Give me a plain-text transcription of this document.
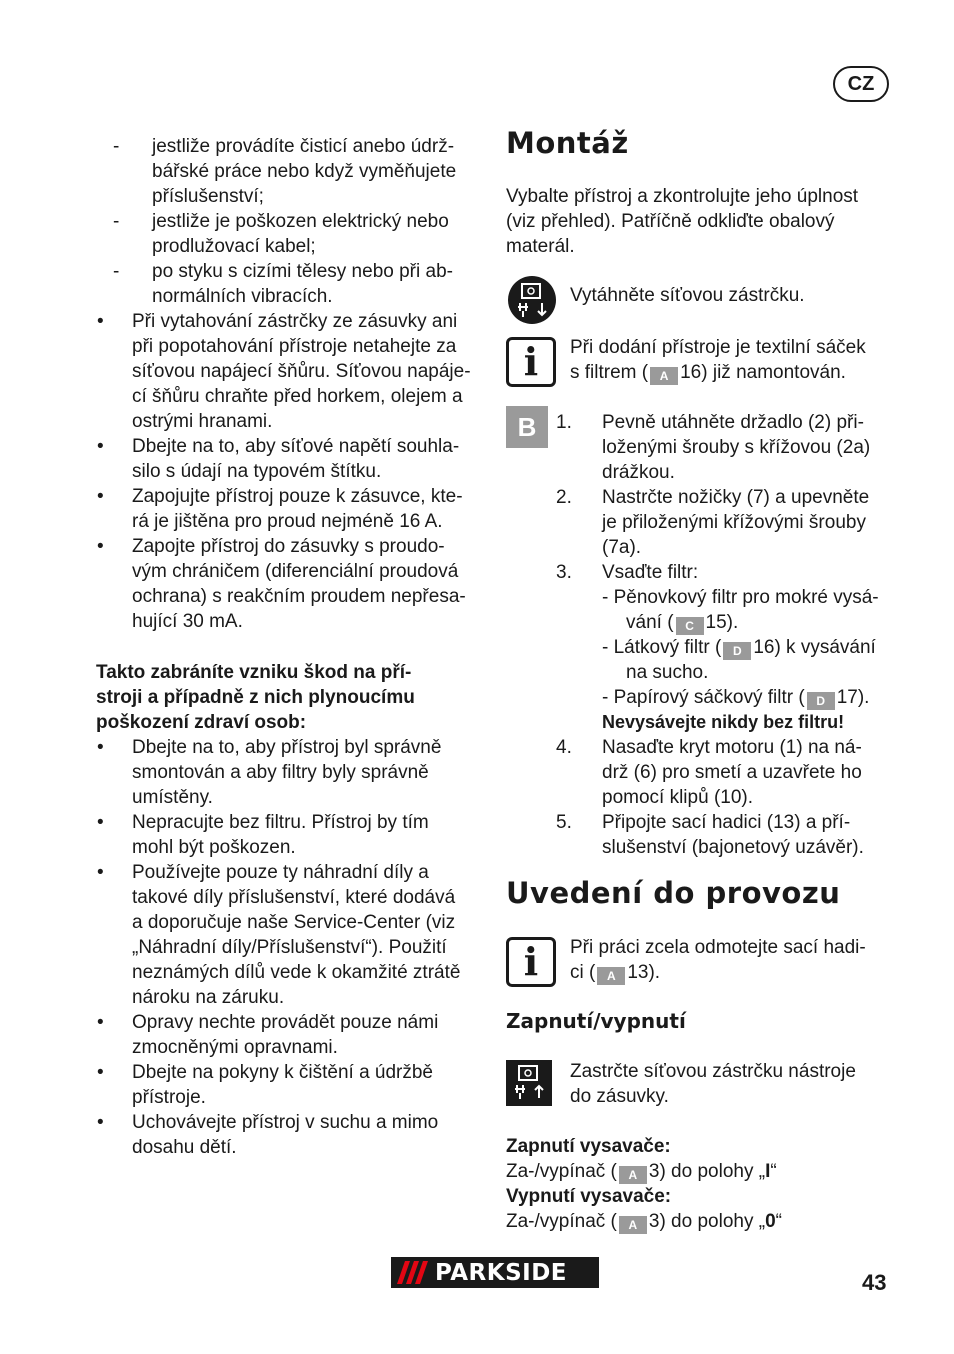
CZ
- jestliže provádíte čisticí anebo údrž-
bářské práce nebo když vyměňujete
příslušenství;
- jestliže je poškozen elektrický nebo
prodlužovací kabel;
- po styku s cizími tělesy nebo při ab-
normálních vibracích.
• Při vytahování zástrčky ze zásuvky ani
při popotahování přístroje netahejte za
síťovou napájecí šňůru. Síťovou napáje-
cí šňůru chraňte před horkem, olejem a
ostrými hranami.
• Dbejte na to, aby síťové napětí souhla-
silo s údají na typovém štítku.
• Zapojujte přístroj pouze k zásuvce, kte-
rá je jištěna pro proud nejméně 16 A.
• Zapojte přístroj do zásuvky s proudo-
vým chráničem (diferenciální proudová
ochrana) s reakčním proudem nepřesa-
hující 30 mA.
Takto zabráníte vzniku škod na pří-
stroji a případně z nich plynoucímu
poškození zdraví osob:
• Dbejte na to, aby přístroj byl správně
smontován a aby filtry byly správně
umístěny.
• Nepracujte bez filtru. Přístroj by tím
mohl být poškozen.
• Používejte pouze ty náhradní díly a
takové díly příslušenství, které dodává
a doporučuje naše Service-Center (viz
„Náhradní díly/Příslušenství“). Použití
neznámých dílů vede k okamžité ztrátě
nároku na záruku.
• Opravy nechte provádět pouze námi
zmocněnými opravnami.
• Dbejte na pokyny k čištění a údržbě
přístroje.
• Uchovávejte přístroj v suchu a mimo
dosahu dětí.
Montáž
Vybalte přístroj a zkontrolujte jeho úplnost
(viz přehled). Patříčně odkliďte obalový
materál.
Vytáhněte síťovou zástrčku.
i	Při dodání přístroje je textilní sáček
s filtrem ( A 16) již namontován.
B	1. Pevně utáhněte držadlo (2) při-
loženými šrouby s křížovou (2a)
drážkou.
2. Nastrčte nožičky (7) a upevněte
je přiloženými křížovými šrouby
(7a).
3. Vsaďte filtr:
- Pěnovkový filtr pro mokré vysá-
vání ( C 15).
- Látkový filtr ( D 16) k vysávání
na sucho.
- Papírový sáčkový filtr ( D 17).
Nevysávejte nikdy bez filtru!
4. Nasaďte kryt motoru (1) na ná-
drž (6) pro smetí a uzavřete ho
pomocí klipů (10).
5. Připojte sací hadici (13) a pří-
slušenství (bajonetový uzávěr).
Uvedení do provozu
i	Při práci zcela odmotejte sací hadi-
ci ( A 13).
Zapnutí/vypnutí
Zastrčte síťovou zástrčku nástroje
do zásuvky.
Zapnutí vysavače:
Za-/vypínač ( A 3) do polohy „I“
Vypnutí vysavače:
Za-/vypínač ( A 3) do polohy „0“
PARKSIDE	43
